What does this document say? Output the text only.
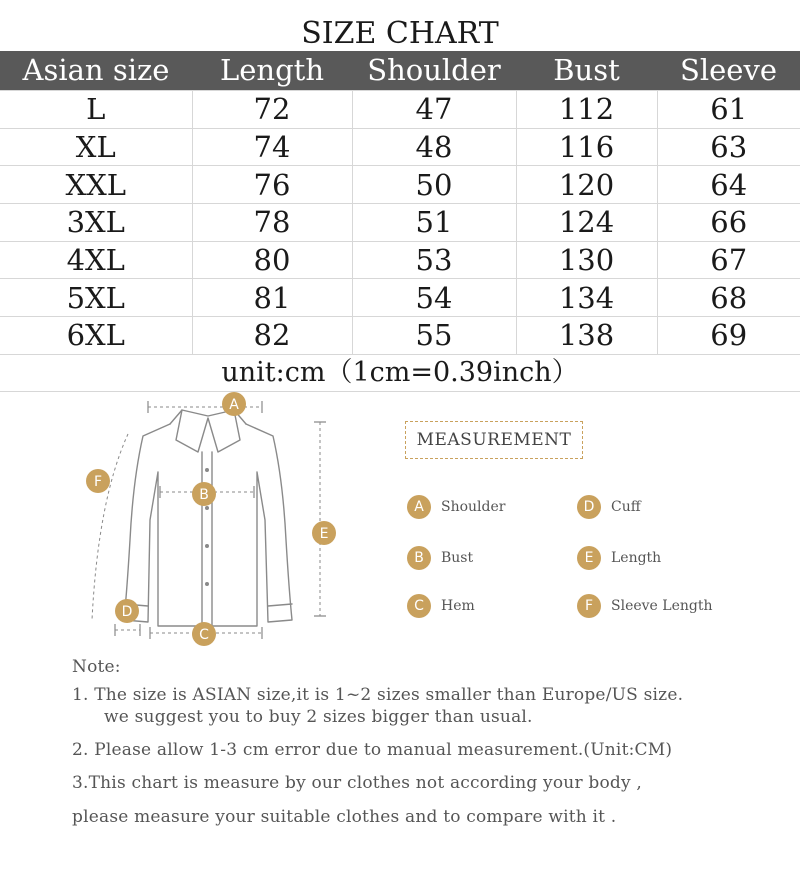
SIZE CHART
Asian size	Length	Shoulder	Bust	Sleeve
L	72	47	112	61
XL	74	48	116	63
XXL	76	50	120	64
3XL	78	51	124	66
4XL	80	53	130	67
5XL	81	54	134	68
6XL	82	55	138	69
unit:cm（1cm=0.39inch）
A
B
C
D
E
F
MEASUREMENT
A	Shoulder
B	Bust
C	Hem
D	Cuff
E	Length
F	Sleeve Length
Note:
1. The size is ASIAN size,it is 1~2 sizes smaller than Europe/US size.
we suggest you to buy 2 sizes bigger than usual.
2. Please allow 1-3 cm error due to manual measurement.(Unit:CM)
3.This chart is measure by our clothes not according your body ,
please measure your suitable clothes and to compare with it .
